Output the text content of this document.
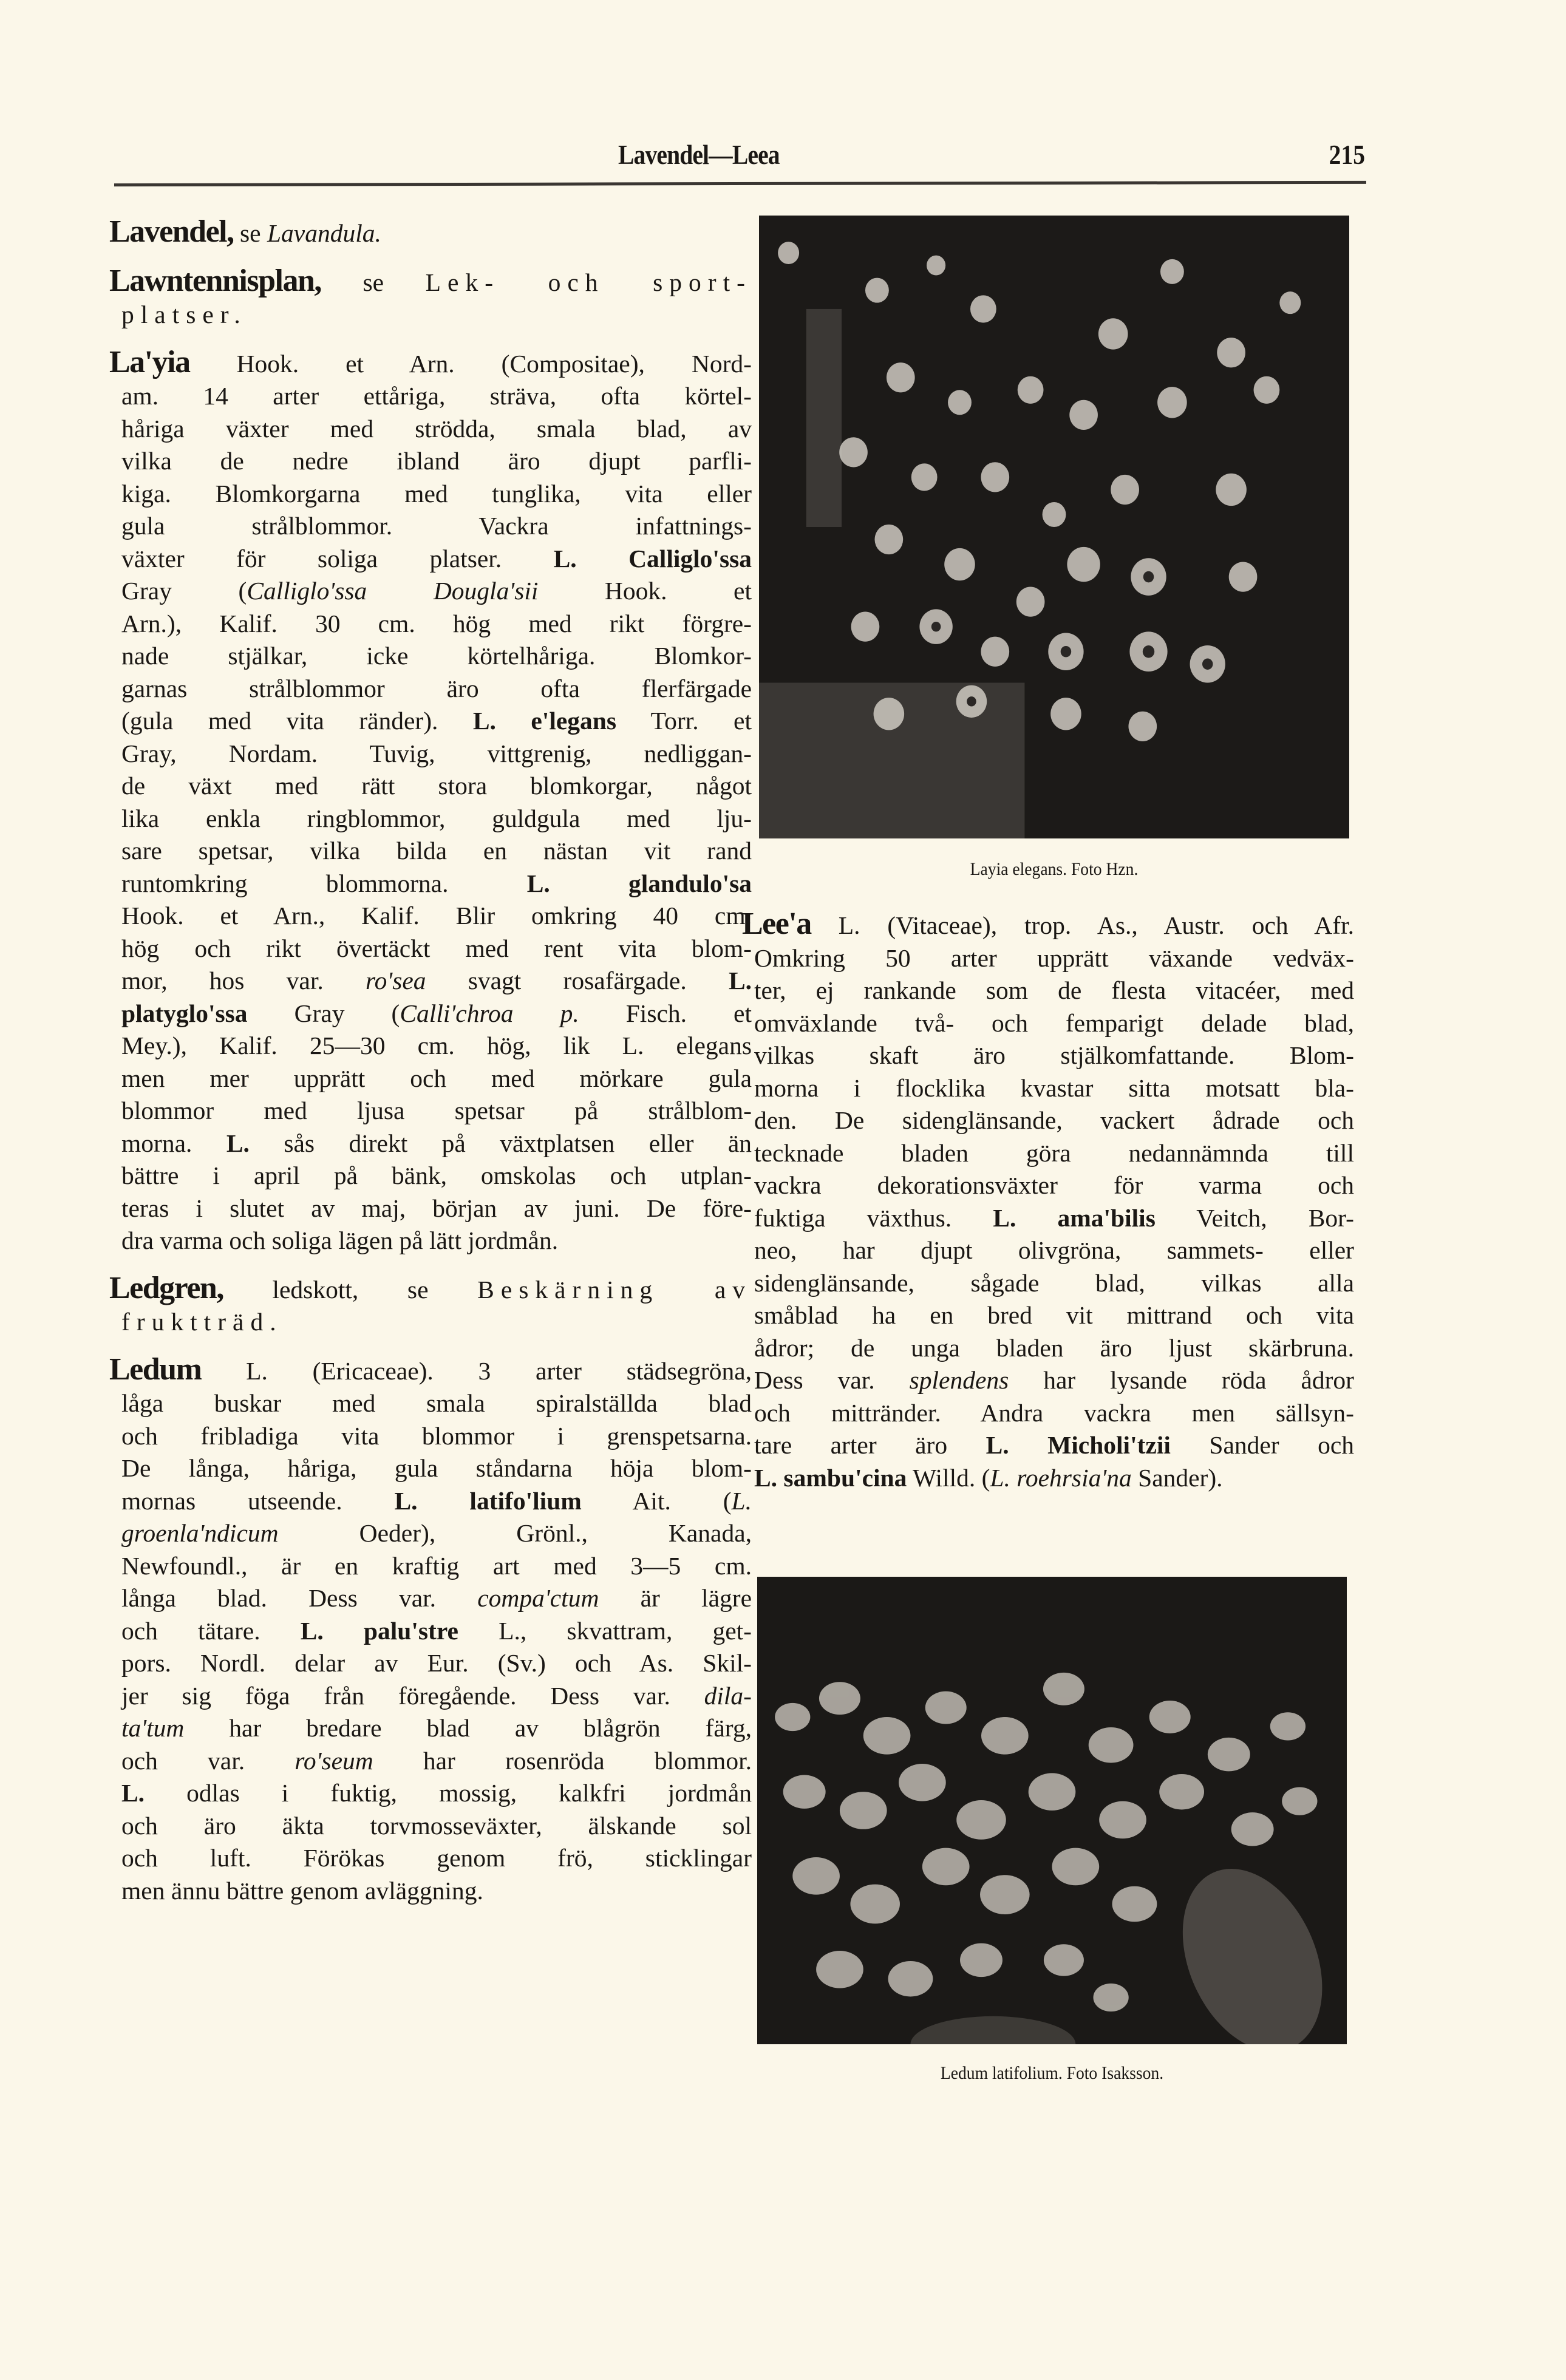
Lavendel—Leea	215
Lavendel, se Lavandula.
Lawntennisplan, se Lek- och sport-
platser.
La'yia Hook. et Arn. (Compositae), Nord-
am. 14 arter ettåriga, sträva, ofta körtel-
håriga växter med strödda, smala blad, av
vilka de nedre ibland äro djupt parfli-
kiga. Blomkorgarna med tunglika, vita eller
gula strålblommor. Vackra infattnings-
växter för soliga platser. L. Calliglo'ssa
Gray (Calliglo'ssa Dougla'sii Hook. et
Arn.), Kalif. 30 cm. hög med rikt förgre-
nade stjälkar, icke körtelhåriga. Blomkor-
garnas strålblommor äro ofta flerfärgade
(gula med vita ränder). L. e'legans Torr. et
Gray, Nordam. Tuvig, vittgrenig, nedliggan-
de växt med rätt stora blomkorgar, något
lika enkla ringblommor, guldgula med lju-
sare spetsar, vilka bilda en nästan vit rand
runtomkring blommorna. L. glandulo'sa
Hook. et Arn., Kalif. Blir omkring 40 cm.
hög och rikt övertäckt med rent vita blom-
mor, hos var. ro'sea svagt rosafärgade. L.
platyglo'ssa Gray (Calli'chroa p. Fisch. et
Mey.), Kalif. 25—30 cm. hög, lik L. elegans
men mer upprätt och med mörkare gula
blommor med ljusa spetsar på strålblom-
morna. L. sås direkt på växtplatsen eller än
bättre i april på bänk, omskolas och utplan-
teras i slutet av maj, början av juni. De före-
dra varma och soliga lägen på lätt jordmån.
Ledgren, ledskott, se Beskärning av
fruktträd.
Ledum L. (Ericaceae). 3 arter städsegröna,
låga buskar med smala spiralställda blad
och fribladiga vita blommor i grenspetsarna.
De långa, håriga, gula ståndarna höja blom-
mornas utseende. L. latifo'lium Ait. (L.
groenla'ndicum Oeder), Grönl., Kanada,
Newfoundl., är en kraftig art med 3—5 cm.
långa blad. Dess var. compa'ctum är lägre
och tätare. L. palu'stre L., skvattram, get-
pors. Nordl. delar av Eur. (Sv.) och As. Skil-
jer sig föga från föregående. Dess var. dila-
ta'tum har bredare blad av blågrön färg,
och var. ro'seum har rosenröda blommor.
L. odlas i fuktig, mossig, kalkfri jordmån
och äro äkta torvmosseväxter, älskande sol
och luft. Förökas genom frö, sticklingar
men ännu bättre genom avläggning.
Layia elegans. Foto Hzn.
Lee'a L. (Vitaceae), trop. As., Austr. och Afr.
Omkring 50 arter upprätt växande vedväx-
ter, ej rankande som de flesta vitacéer, med
omväxlande två- och femparigt delade blad,
vilkas skaft äro stjälkomfattande. Blom-
morna i flocklika kvastar sitta motsatt bla-
den. De sidenglänsande, vackert ådrade och
tecknade bladen göra nedannämnda till
vackra dekorationsväxter för varma och
fuktiga växthus. L. ama'bilis Veitch, Bor-
neo, har djupt olivgröna, sammets- eller
sidenglänsande, sågade blad, vilkas alla
småblad ha en bred vit mittrand och vita
ådror; de unga bladen äro ljust skärbruna.
Dess var. splendens har lysande röda ådror
och mittränder. Andra vackra men sällsyn-
tare arter äro L. Micholi'tzii Sander och
L. sambu'cina Willd. (L. roehrsia'na Sander).
Ledum latifolium. Foto Isaksson.
